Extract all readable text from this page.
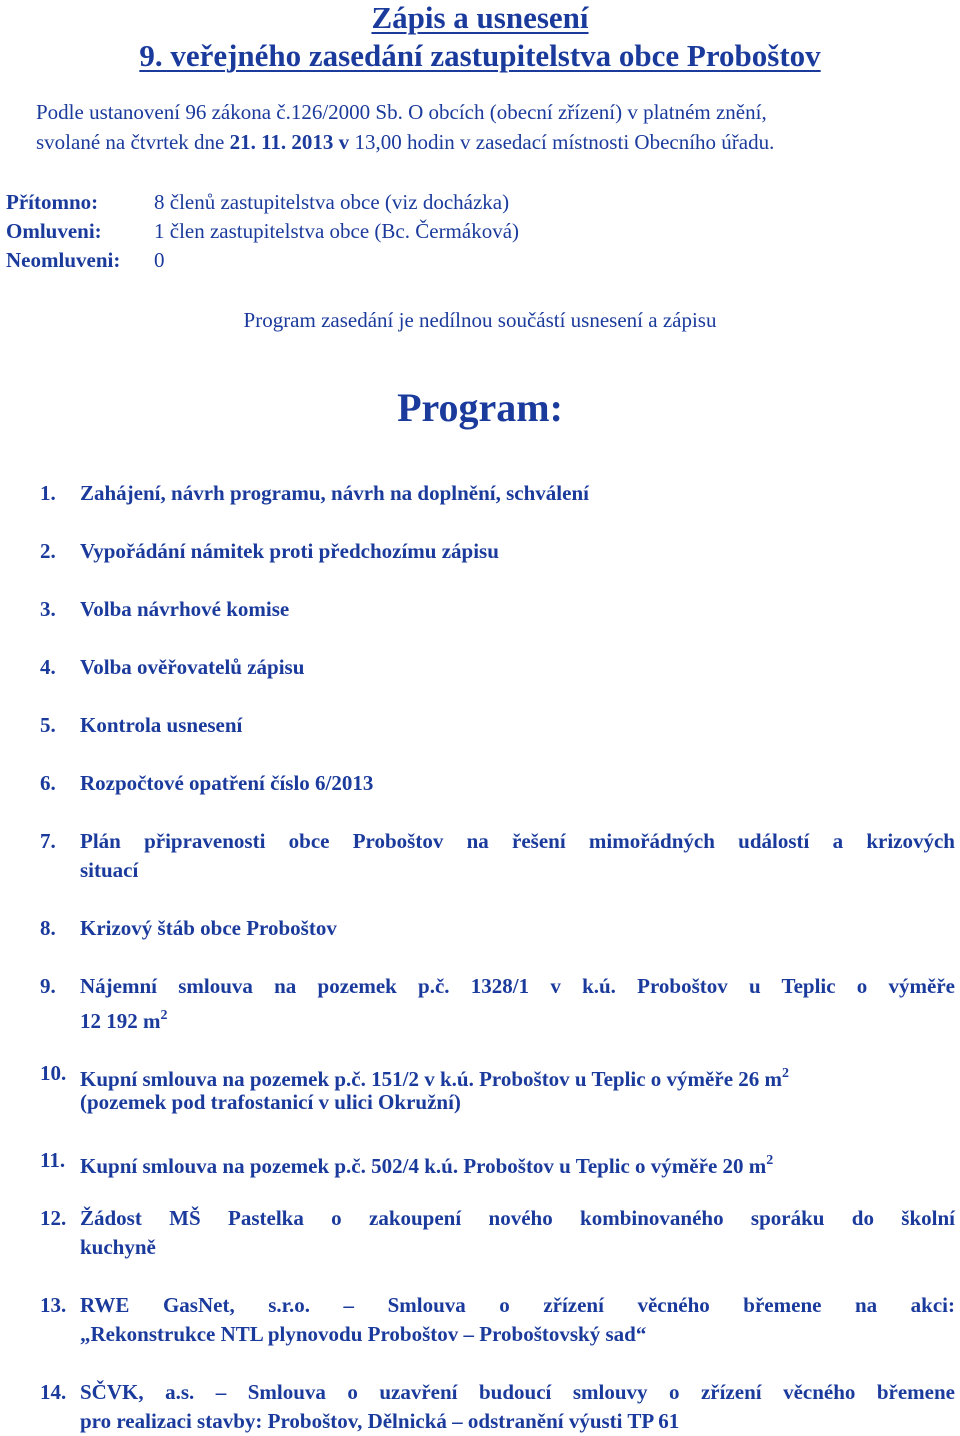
Zápis a usnesení
9. veřejného zasedání zastupitelstva obce Proboštov
Podle ustanovení 96 zákona č.126/2000 Sb. O obcích (obecní zřízení) v platném znění,
svolané na čtvrtek dne 21. 11. 2013 v 13,00 hodin v zasedací místnosti Obecního úřadu.
Přítomno:	8 členů zastupitelstva obce (viz docházka)
Omluveni: 1 člen zastupitelstva obce (Bc. Čermáková)
Neomluveni: 0
Program zasedání je nedílnou součástí usnesení a zápisu
Program:
1. Zahájení, návrh programu, návrh na doplnění, schválení
2. Vypořádání námitek proti předchozímu zápisu
3. Volba návrhové komise
4. Volba ověřovatelů zápisu
5. Kontrola usnesení
6. Rozpočtové opatření číslo 6/2013
7. Plán připravenosti obce Proboštov na řešení mimořádných událostí a krizových
situací
8. Krizový štáb obce Proboštov
9. Nájemní smlouva na pozemek p.č. 1328/1 v k.ú. Proboštov u Teplic o výměře
12 192 $m^2$
10. Kupní smlouva na pozemek p.č. 151/2 v k.ú. Proboštov u Teplic o výměře 26 $m^2$
(pozemek pod trafostanicí v ulici Okružní)
11. Kupní smlouva na pozemek p.č. 502/4 k.ú. Proboštov u Teplic o výměře 20 $m^2$
12. Žádost MŠ Pastelka o zakoupení nového kombinovaného sporáku do školní
kuchyně
13. RWE GasNet, s.r.o. – Smlouva o zřízení věcného břemene na akci:
„Rekonstrukce NTL plynovodu Proboštov – Proboštovský sad“
14. SČVK, a.s. – Smlouva o uzavření budoucí smlouvy o zřízení věcného břemene
pro realizaci stavby: Proboštov, Dělnická – odstranění výusti TP 61
